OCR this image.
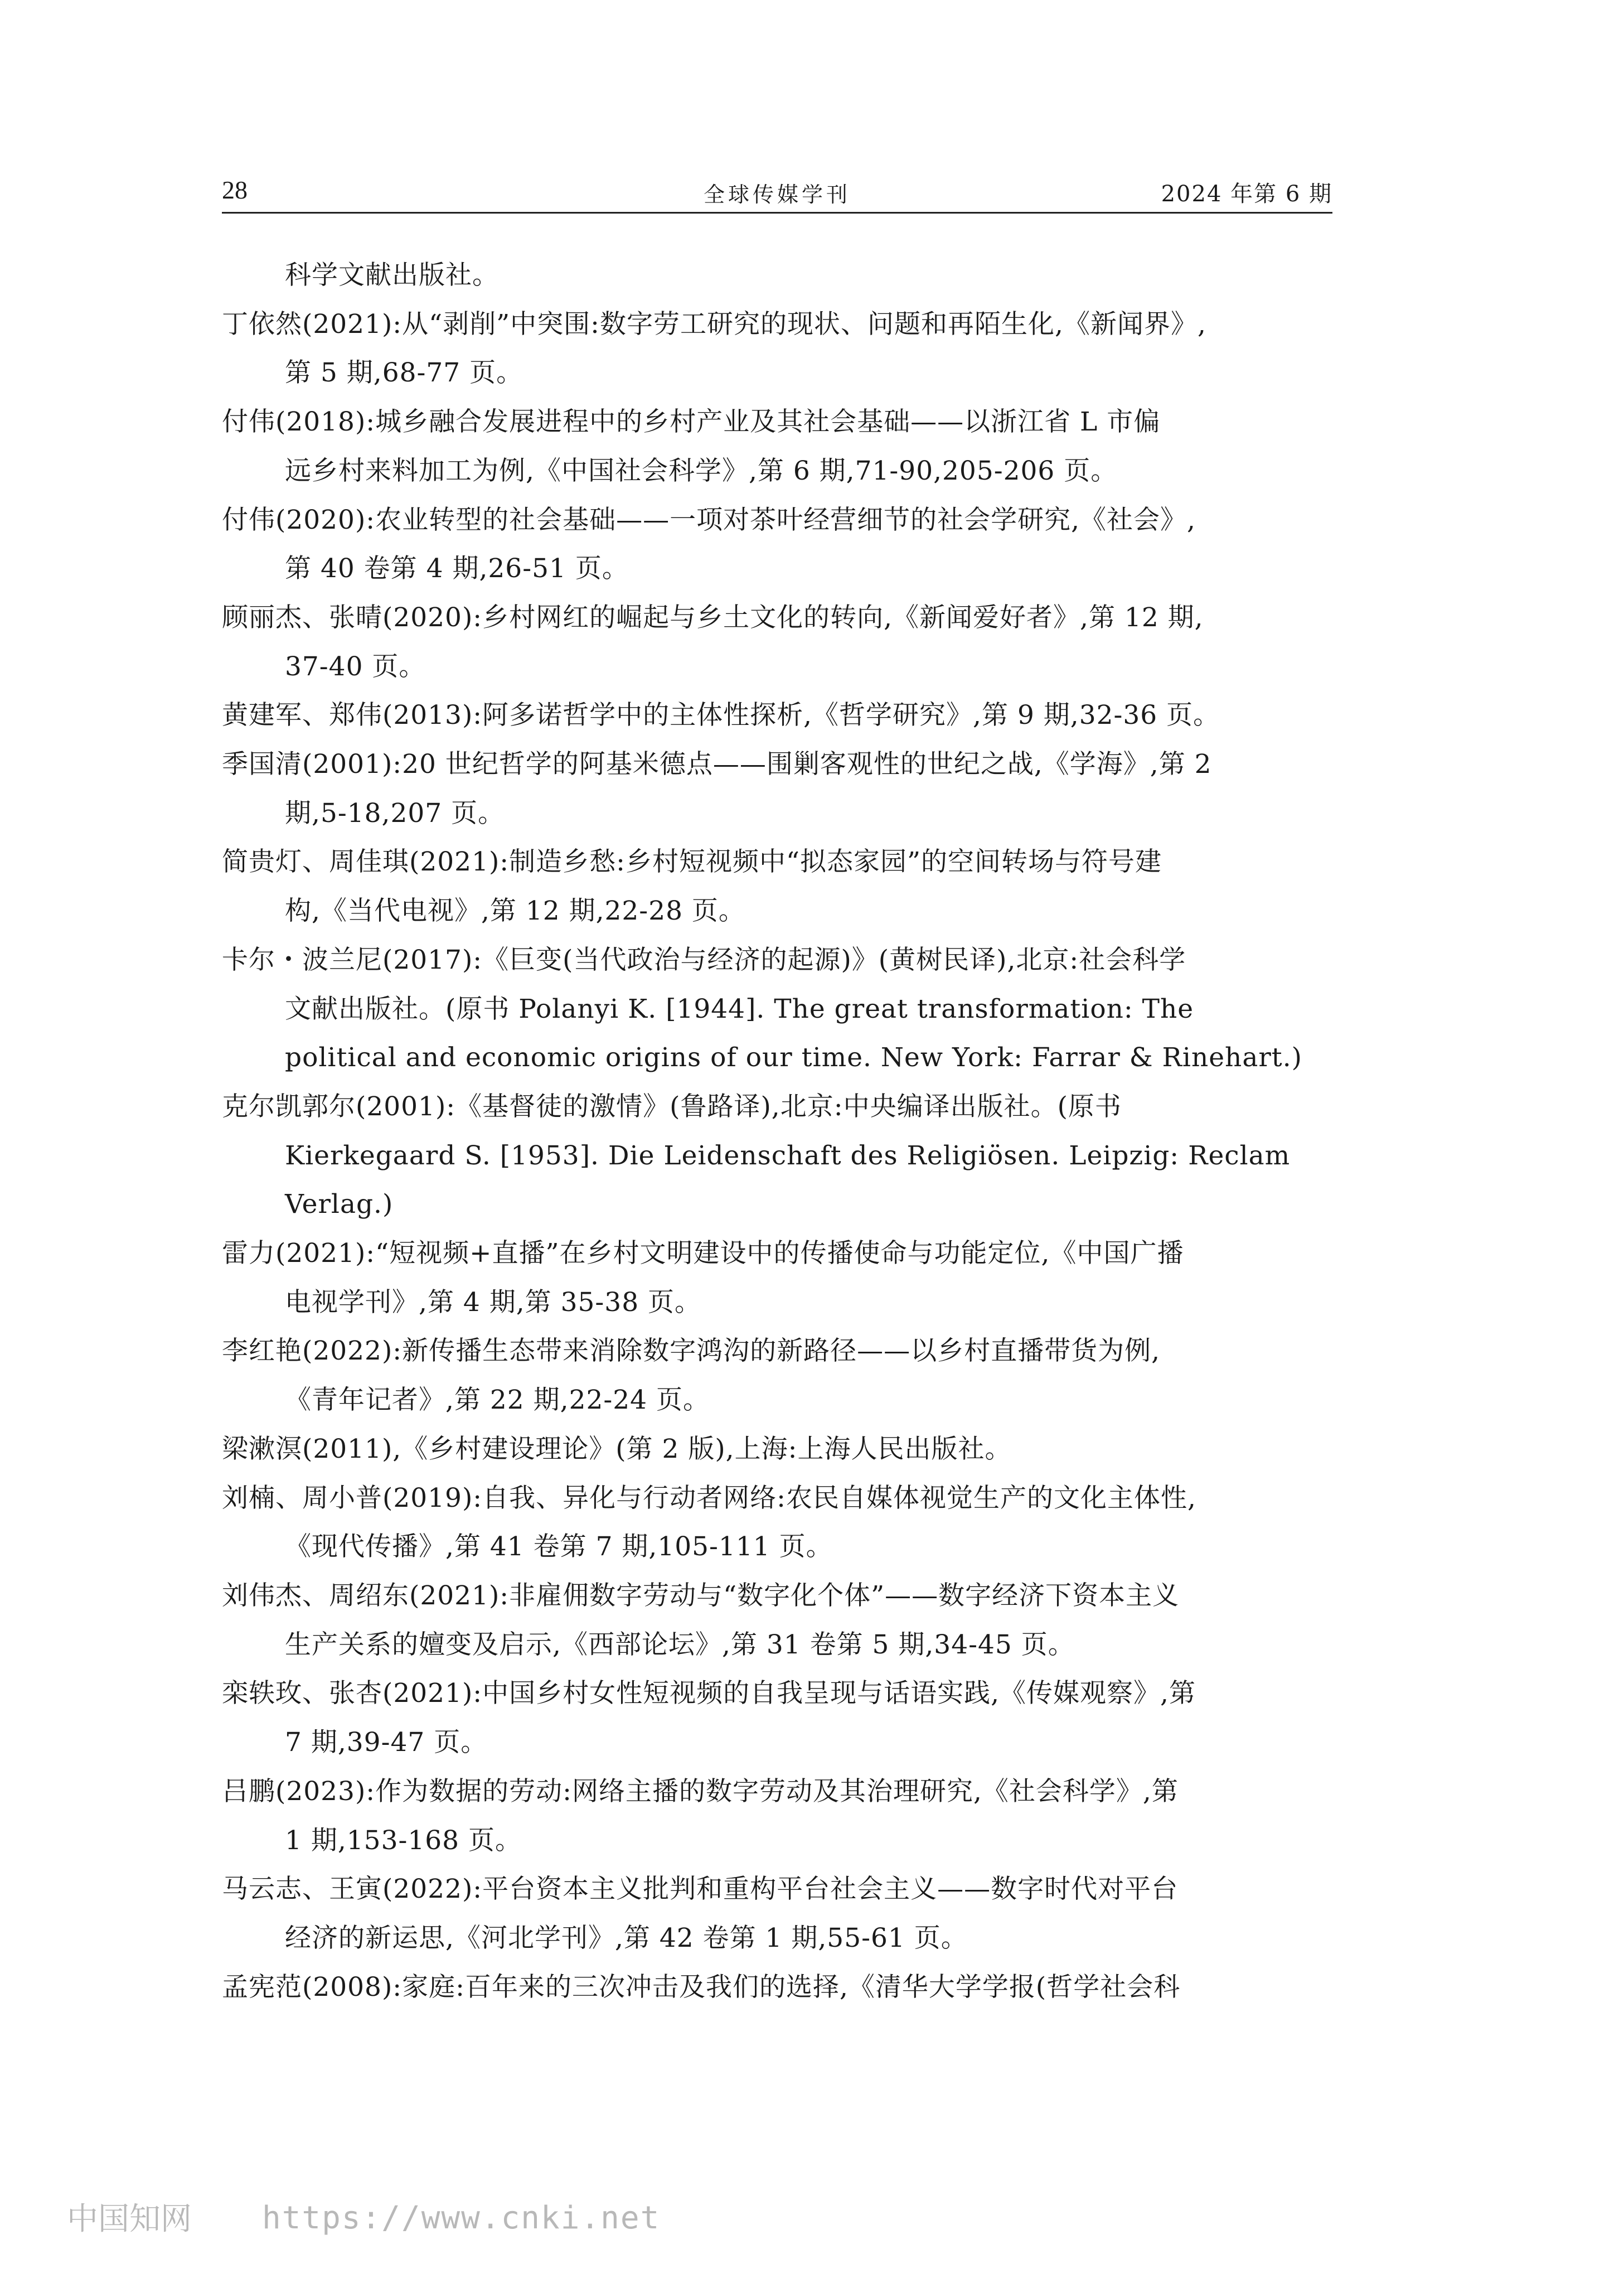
28	全球传媒学刊	2024 年第 6 期
科学文献出版社。
丁依然(2021):从“剥削”中突围:数字劳工研究的现状、问题和再陌生化,《新闻界》,
第 5 期,68-77 页。
付伟(2018):城乡融合发展进程中的乡村产业及其社会基础——以浙江省 L 市偏
远乡村来料加工为例,《中国社会科学》,第 6 期,71-90,205-206 页。
付伟(2020):农业转型的社会基础——一项对茶叶经营细节的社会学研究,《社会》,
第 40 卷第 4 期,26-51 页。
顾丽杰、张晴(2020):乡村网红的崛起与乡土文化的转向,《新闻爱好者》,第 12 期,
37-40 页。
黄建军、郑伟(2013):阿多诺哲学中的主体性探析,《哲学研究》,第 9 期,32-36 页。
季国清(2001):20 世纪哲学的阿基米德点——围剿客观性的世纪之战,《学海》,第 2
期,5-18,207 页。
简贵灯、周佳琪(2021):制造乡愁:乡村短视频中“拟态家园”的空间转场与符号建
构,《当代电视》,第 12 期,22-28 页。
卡尔・波兰尼(2017):《巨变(当代政治与经济的起源)》(黄树民译),北京:社会科学
文献出版社。(原书 Polanyi K. [1944]. The great transformation: The
political and economic origins of our time. New York: Farrar & Rinehart.)
克尔凯郭尔(2001):《基督徒的激情》(鲁路译),北京:中央编译出版社。(原书
Kierkegaard S. [1953]. Die Leidenschaft des Religiösen. Leipzig: Reclam
Verlag.)
雷力(2021):“短视频+直播”在乡村文明建设中的传播使命与功能定位,《中国广播
电视学刊》,第 4 期,第 35-38 页。
李红艳(2022):新传播生态带来消除数字鸿沟的新路径——以乡村直播带货为例,
《青年记者》,第 22 期,22-24 页。
梁漱溟(2011),《乡村建设理论》(第 2 版),上海:上海人民出版社。
刘楠、周小普(2019):自我、异化与行动者网络:农民自媒体视觉生产的文化主体性,
《现代传播》,第 41 卷第 7 期,105-111 页。
刘伟杰、周绍东(2021):非雇佣数字劳动与“数字化个体”——数字经济下资本主义
生产关系的嬗变及启示,《西部论坛》,第 31 卷第 5 期,34-45 页。
栾轶玫、张杏(2021):中国乡村女性短视频的自我呈现与话语实践,《传媒观察》,第
7 期,39-47 页。
吕鹏(2023):作为数据的劳动:网络主播的数字劳动及其治理研究,《社会科学》,第
1 期,153-168 页。
马云志、王寅(2022):平台资本主义批判和重构平台社会主义——数字时代对平台
经济的新运思,《河北学刊》,第 42 卷第 1 期,55-61 页。
孟宪范(2008):家庭:百年来的三次冲击及我们的选择,《清华大学学报(哲学社会科
中国知网 https://www.cnki.net
